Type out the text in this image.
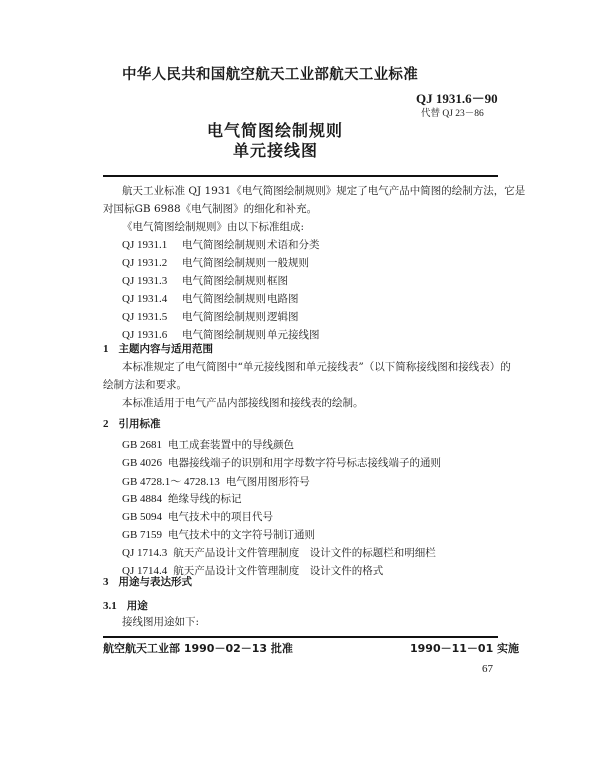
中华人民共和国航空航天工业部航天工业标准
QJ 1931.6－90
代替 QJ 23－86
电气简图绘制规则
单元接线图
航天工业标准 QJ 1931《电气简图绘制规则》规定了电气产品中简图的绘制方法，它是
对国标GB 6988《电气制图》的细化和补充。
《电气简图绘制规则》由以下标准组成:
QJ 1931.1 电气简图绘制规则术语和分类
QJ 1931.2 电气简图绘制规则一般规则
QJ 1931.3 电气简图绘制规则框图
QJ 1931.4 电气简图绘制规则电路图
QJ 1931.5 电气简图绘制规则逻辑图
QJ 1931.6 电气简图绘制规则单元接线图
1 主题内容与适用范围
本标准规定了电气简图中“单元接线图和单元接线表”（以下简称接线图和接线表）的
绘制方法和要求。
本标准适用于电气产品内部接线图和接线表的绘制。
2 引用标准
GB 2681 电工成套装置中的导线颜色
GB 4026 电器接线端子的识别和用字母数字符号标志接线端子的通则
GB 4728.1～ 4728.13 电气图用图形符号
GB 4884 绝缘导线的标记
GB 5094 电气技术中的项目代号
GB 7159 电气技术中的文字符号制订通则
QJ 1714.3 航天产品设计文件管理制度　设计文件的标题栏和明细栏
QJ 1714.4 航天产品设计文件管理制度　设计文件的格式
3 用途与表达形式
3.1 用途
接线图用途如下:
航空航天工业部 1990－02－13 批准	1990－11－01 实施
67
